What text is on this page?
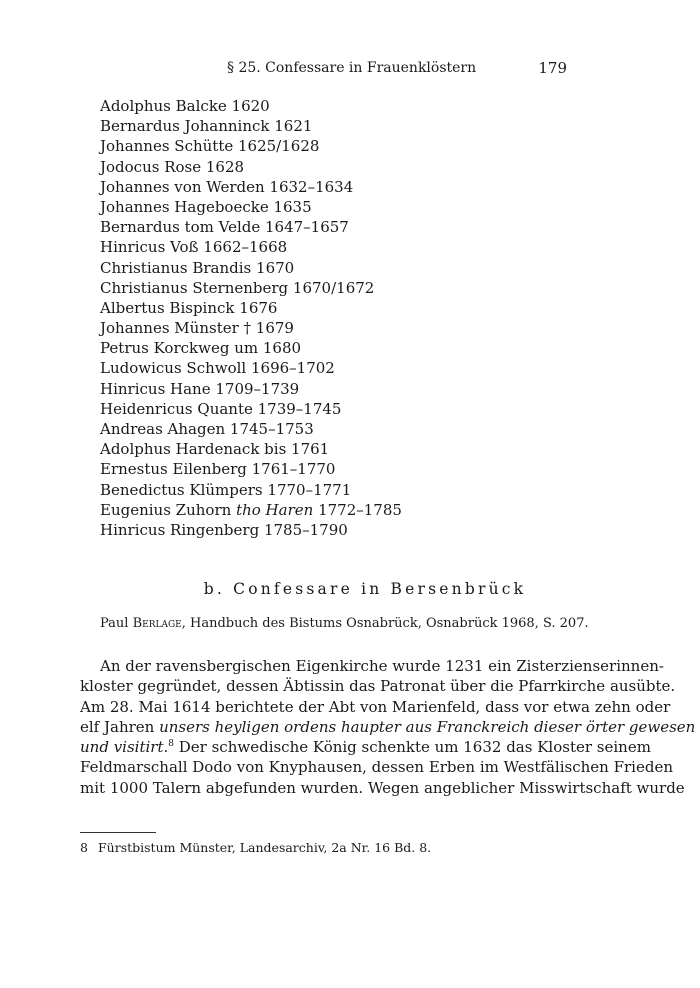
§ 25. Confessare in Frauenklöstern	179
Adolphus Balcke 1620
Bernardus Johanninck 1621
Johannes Schütte 1625/1628
Jodocus Rose 1628
Johannes von Werden 1632–1634
Johannes Hageboecke 1635
Bernardus tom Velde 1647–1657
Hinricus Voß 1662–1668
Christianus Brandis 1670
Christianus Sternenberg 1670/1672
Albertus Bispinck 1676
Johannes Münster † 1679
Petrus Korckweg um 1680
Ludowicus Schwoll 1696–1702
Hinricus Hane 1709–1739
Heidenricus Quante 1739–1745
Andreas Ahagen 1745–1753
Adolphus Hardenack bis 1761
Ernestus Eilenberg 1761–1770
Benedictus Klümpers 1770–1771
Eugenius Zuhorn tho Haren 1772–1785
Hinricus Ringenberg 1785–1790
b. Confessare in Bersenbrück
Paul Berlage, Handbuch des Bistums Osnabrück, Osnabrück 1968, S. 207.
An der ravensbergischen Eigenkirche wurde 1231 ein Zisterzienserinnen-
kloster gegründet, dessen Äbtissin das Patronat über die Pfarrkirche ausübte.
Am 28. Mai 1614 berichtete der Abt von Marienfeld, dass vor etwa zehn oder
elf Jahren unsers heyligen ordens haupter aus Franckreich dieser örter gewesen
und visitirt.$^8$ Der schwedische König schenkte um 1632 das Kloster seinem
Feldmarschall Dodo von Knyphausen, dessen Erben im Westfälischen Frieden
mit 1000 Talern abgefunden wurden. Wegen angeblicher Misswirtschaft wurde
8 Fürstbistum Münster, Landesarchiv, 2a Nr. 16 Bd. 8.
